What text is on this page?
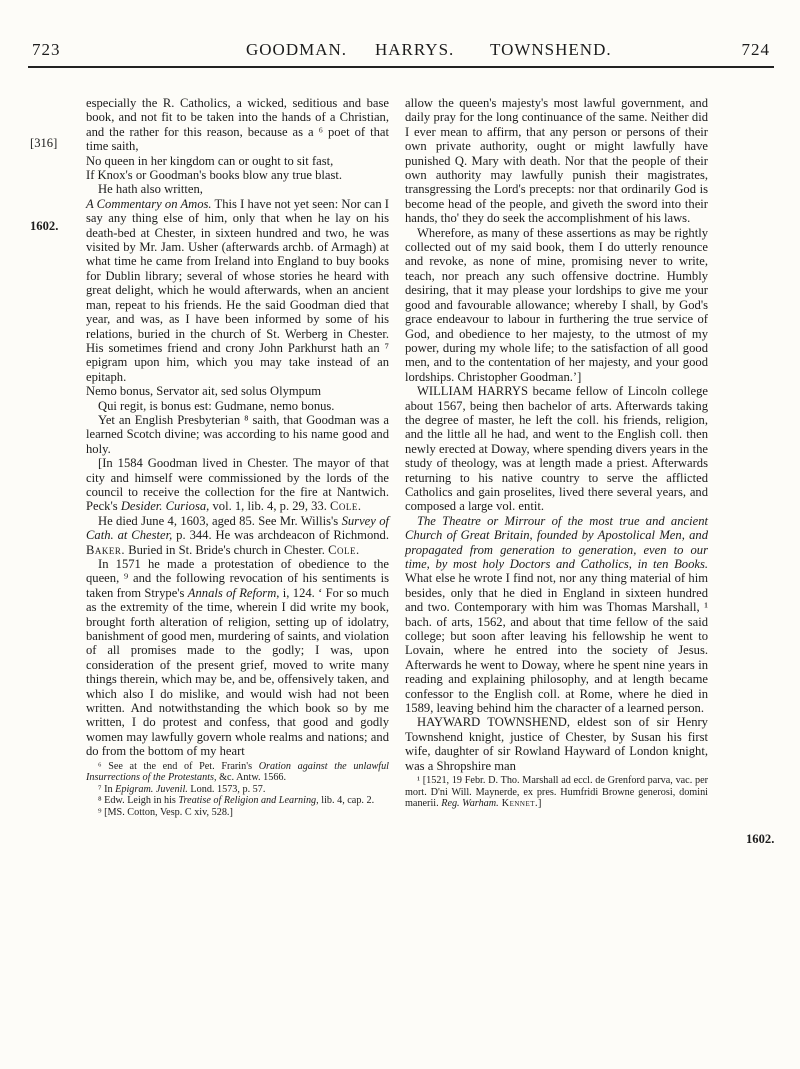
723	GOODMAN. HARRYS. TOWNSHEND.	724
[316]
1602.
1602.

especially the R. Catholics, a wicked, seditious and base book, and not fit to be taken into the hands of a Christian, and the rather for this reason, because as a ⁶ poet of that time saith,

No queen in her kingdom can or ought to sit fast,

If Knox's or Goodman's books blow any true blast.

He hath also written,
A Commentary on Amos. This I have not yet seen: Nor can I say any thing else of him, only that when he lay on his death-bed at Chester, in sixteen hundred and two, he was visited by Mr. Jam. Usher (afterwards archb. of Armagh) at what time he came from Ireland into England to buy books for Dublin library; several of whose stories he heard with great delight, which he would afterwards, when an ancient man, repeat to his friends. He the said Goodman died that year, and was, as I have been informed by some of his relations, buried in the church of St. Werberg in Chester. His sometimes friend and crony John Parkhurst hath an ⁷ epigram upon him, which you may take instead of an epitaph.

Nemo bonus, Servator ait, sed solus Olympum

Qui regit, is bonus est: Gudmane, nemo bonus.

Yet an English Presbyterian ⁸ saith, that Goodman was a learned Scotch divine; was according to his name good and holy.

[In 1584 Goodman lived in Chester. The mayor of that city and himself were commissioned by the lords of the council to receive the collection for the fire at Nantwich. Peck's Desider. Curiosa, vol. 1, lib. 4, p. 29, 33. Cole.

He died June 4, 1603, aged 85. See Mr. Willis's Survey of Cath. at Chester, p. 344. He was archdeacon of Richmond. Baker. Buried in St. Bride's church in Chester. Cole.

In 1571 he made a protestation of obedience to the queen, ⁹ and the following revocation of his sentiments is taken from Strype's Annals of Reform, i, 124. ‘ For so much as the extremity of the time, wherein I did write my book, brought forth alteration of religion, setting up of idolatry, banishment of good men, murdering of saints, and violation of all promises made to the godly; I was, upon consideration of the present grief, moved to write many things therein, which may be, and be, offensively taken, and which also I do mislike, and would wish had not been written. And notwithstanding the which book so by me written, I do protest and confess, that good and godly women may lawfully govern whole realms and nations; and do from the bottom of my heart

⁶ See at the end of Pet. Frarin's Oration against the unlawful Insurrections of the Protestants, &c. Antw. 1566.

⁷ In Epigram. Juvenil. Lond. 1573, p. 57.

⁸ Edw. Leigh in his Treatise of Religion and Learning, lib. 4, cap. 2.

⁹ [MS. Cotton, Vesp. C xiv, 528.]

allow the queen's majesty's most lawful government, and daily pray for the long continuance of the same. Neither did I ever mean to affirm, that any person or persons of their own private authority, ought or might lawfully have punished Q. Mary with death. Nor that the people of their own authority may lawfully punish their magistrates, transgressing the Lord's precepts: nor that ordinarily God is become head of the people, and giveth the sword into their hands, tho' they do seek the accomplishment of his laws.

Wherefore, as many of these assertions as may be rightly collected out of my said book, them I do utterly renounce and revoke, as none of mine, promising never to write, teach, nor preach any such offensive doctrine. Humbly desiring, that it may please your lordships to give me your good and favourable allowance; whereby I shall, by God's grace endeavour to labour in furthering the true service of God, and obedience to her majesty, to the utmost of my power, during my whole life; to the satisfaction of all good men, and to the contentation of her majesty, and your good lordships. Christopher Goodman.’]

WILLIAM HARRYS became fellow of Lincoln college about 1567, being then bachelor of arts. Afterwards taking the degree of master, he left the coll. his friends, religion, and the little all he had, and went to the English coll. then newly erected at Doway, where spending divers years in the study of theology, was at length made a priest. Afterwards returning to his native country to serve the afflicted Catholics and gain proselites, lived there several years, and composed a large vol. entit.

The Theatre or Mirrour of the most true and ancient Church of Great Britain, founded by Apostolical Men, and propagated from generation to generation, even to our time, by most holy Doctors and Catholics, in ten Books. What else he wrote I find not, nor any thing material of him besides, only that he died in England in sixteen hundred and two. Contemporary with him was Thomas Marshall, ¹ bach. of arts, 1562, and about that time fellow of the said college; but soon after leaving his fellowship he went to Lovain, where he entred into the society of Jesus. Afterwards he went to Doway, where he spent nine years in reading and explaining philosophy, and at length became confessor to the English coll. at Rome, where he died in 1589, leaving behind him the character of a learned person.

HAYWARD TOWNSHEND, eldest son of sir Henry Townshend knight, justice of Chester, by Susan his first wife, daughter of sir Rowland Hayward of London knight, was a Shropshire man

¹ [1521, 19 Febr. D. Tho. Marshall ad eccl. de Grenford parva, vac. per mort. D'ni Will. Maynerde, ex pres. Humfridi Browne generosi, domini manerii. Reg. Warham. Kennet.]
